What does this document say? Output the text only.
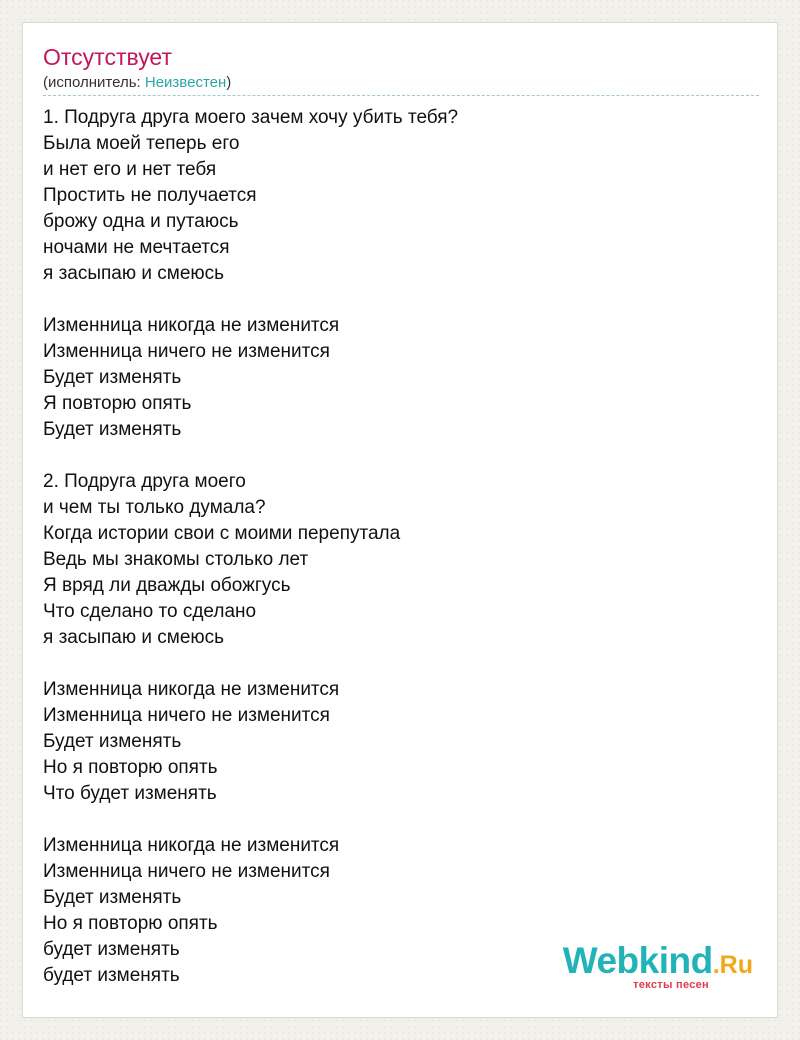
Отсутствует
(исполнитель: Неизвестен)
1. Подруга друга моего зачем хочу убить тебя?
Была моей теперь его
и нет его и нет тебя
Простить не получается
брожу одна и путаюсь
ночами не мечтается
я засыпаю и смеюсь
Изменница никогда не изменится
Изменница ничего не изменится
Будет изменять
Я повторю опять
Будет изменять
2. Подруга друга моего
и чем ты только думала?
Когда истории свои с моими перепутала
Ведь мы знакомы столько лет
Я вряд ли дважды обожгусь
Что сделано то сделано
я засыпаю и смеюсь
Изменница никогда не изменится
Изменница ничего не изменится
Будет изменять
Но я повторю опять
Что будет изменять
Изменница никогда не изменится
Изменница ничего не изменится
Будет изменять
Но я повторю опять
будет изменять
будет изменять	Webkind.Ru
тексты песен
